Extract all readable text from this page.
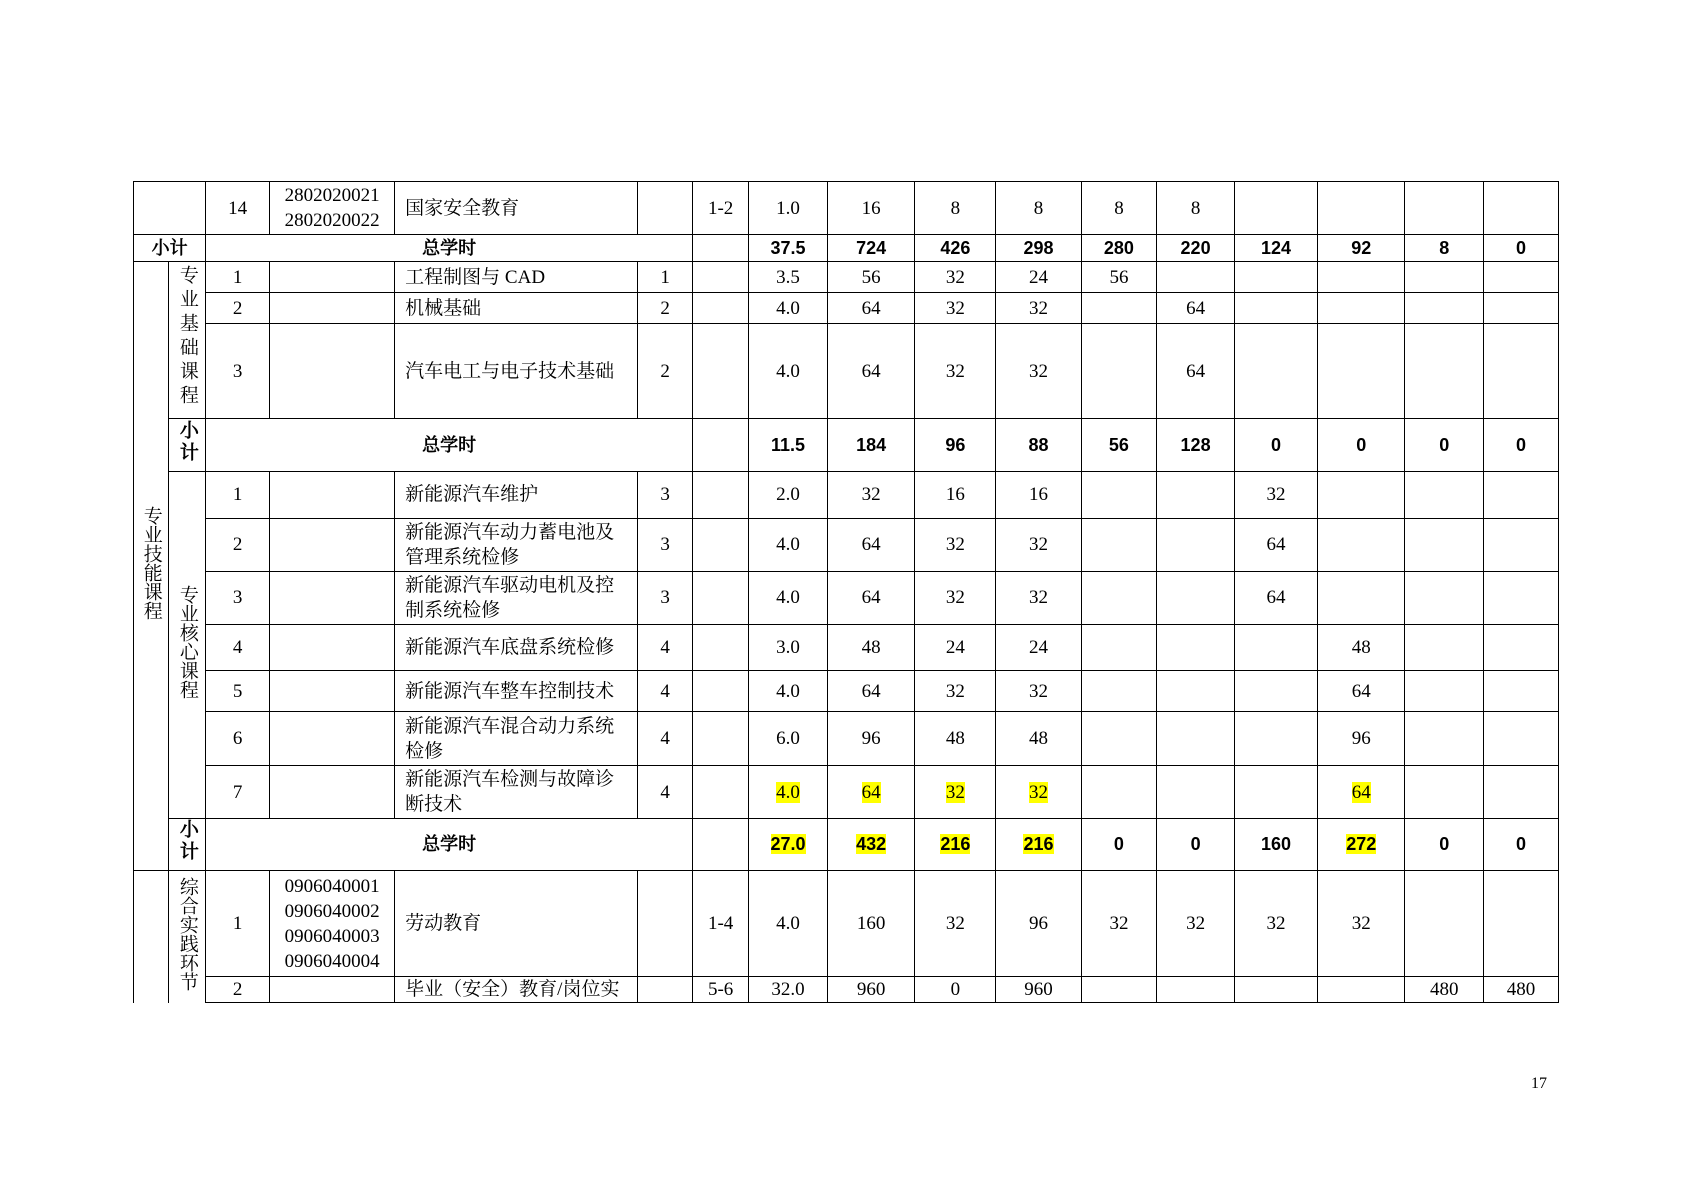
		14	2802020021
2802020022	国家安全教育		1-2	1.0	16	8	8	8	8				
小计		总学时					37.5	724	426	298	280	220	124	92	8	0
专业技能课程	专业基础课程	1		工程制图与 CAD	1		3.5	56	32	24	56					
		2		机械基础	2		4.0	64	32	32		64				
		3		汽车电工与电子技术基础	2		4.0	64	32	32		64				
	小计	总学时					11.5	184	96	88	56	128	0	0	0	0
	专业核心课程	1		新能源汽车维护	3		2.0	32	16	16			32			
		2		新能源汽车动力蓄电池及管理系统检修	3		4.0	64	32	32			64			
		3		新能源汽车驱动电机及控制系统检修	3		4.0	64	32	32			64			
		4		新能源汽车底盘系统检修	4		3.0	48	24	24				48		
		5		新能源汽车整车控制技术	4		4.0	64	32	32				64		
		6		新能源汽车混合动力系统检修	4		6.0	96	48	48				96		
		7		新能源汽车检测与故障诊断技术	4		4.0	64	32	32				64		
	小计	总学时					27.0	432	216	216	0	0	160	272	0	0
	综合实践环节	1	0906040001
0906040002
0906040003
0906040004	劳动教育		1-4	4.0	160	32	96	32	32	32	32		
		2		毕业（安全）教育/岗位实		5-6	32.0	960	0	960					480	480
17
